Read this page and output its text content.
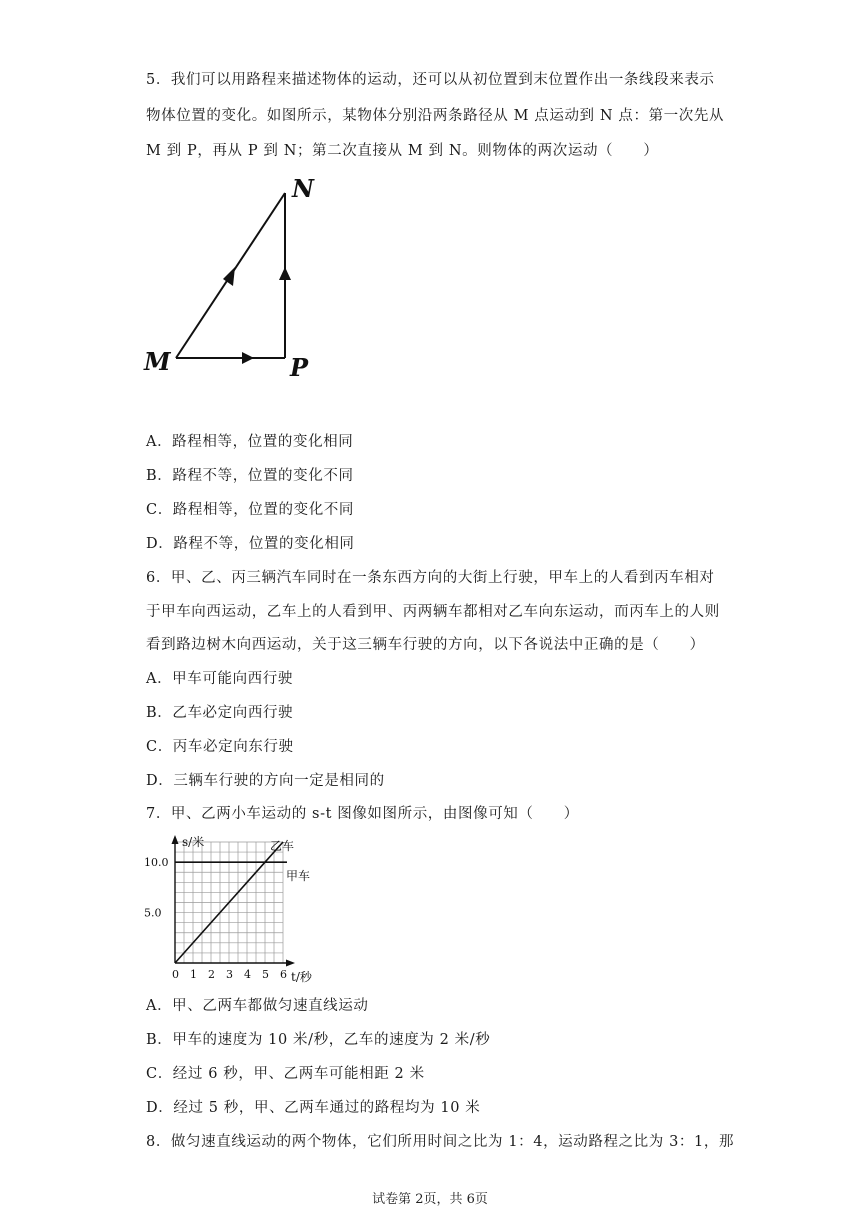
5．我们可以用路程来描述物体的运动，还可以从初位置到末位置作出一条线段来表示
物体位置的变化。如图所示，某物体分别沿两条路径从 M 点运动到 N 点：第一次先从
M 到 P，再从 P 到 N；第二次直接从 M 到 N。则物体的两次运动（　　）
M
N
P
A．路程相等，位置的变化相同
B．路程不等，位置的变化不同
C．路程相等，位置的变化不同
D．路程不等，位置的变化相同
6．甲、乙、丙三辆汽车同时在一条东西方向的大街上行驶，甲车上的人看到丙车相对
于甲车向西运动，乙车上的人看到甲、丙两辆车都相对乙车向东运动，而丙车上的人则
看到路边树木向西运动，关于这三辆车行驶的方向，以下各说法中正确的是（　　）
A．甲车可能向西行驶
B．乙车必定向西行驶
C．丙车必定向东行驶
D．三辆车行驶的方向一定是相同的
7．甲、乙两小车运动的 s-t 图像如图所示，由图像可知（　　）
0 1 2 3 4 5 6
5.0
10.0
s/米
t/秒
乙车
甲车
A．甲、乙两车都做匀速直线运动
B．甲车的速度为 10 米/秒，乙车的速度为 2 米/秒
C．经过 6 秒，甲、乙两车可能相距 2 米
D．经过 5 秒，甲、乙两车通过的路程均为 10 米
8．做匀速直线运动的两个物体，它们所用时间之比为 1：4，运动路程之比为 3：1，那
试卷第 2页，共 6页
